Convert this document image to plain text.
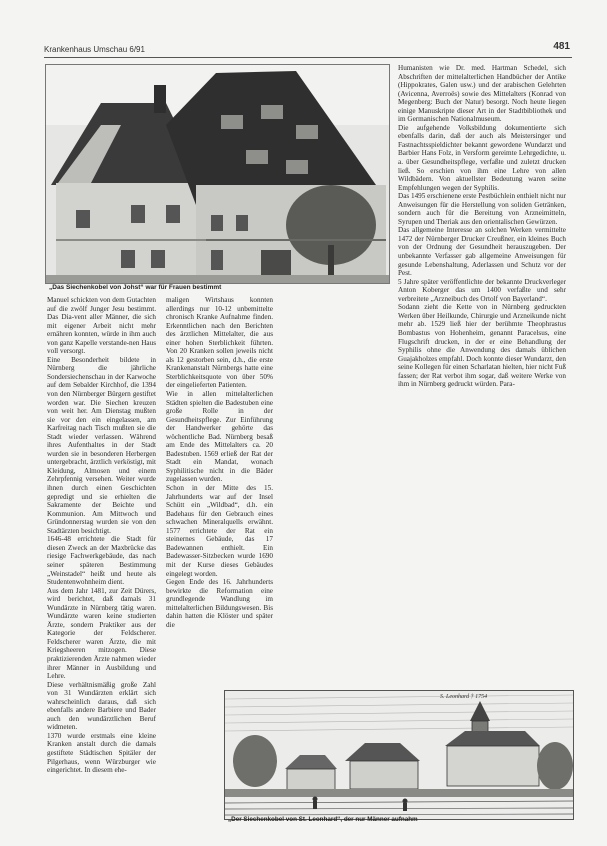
Krankenhaus Umschau 6/91	481
„Das Siechenkobel von Johst“ war für Frauen bestimmt

Manuel schickten von dem Gutachten auf die zwölf Junger Jesu bestimmt. Das Dia-vent aller Männer, die sich mit eigener Arbeit nicht mehr ernähren konnten, würde in ihm auch von ganz Kapelle verstande-nen Haus voll versorgt.

Eine Besonderheit bildete in Nürnberg die jährliche Sondersiechenschau in der Karwoche auf dem Sebalder Kirchhof, die 1394 von den Nürnberger Bürgern gestiftet worden war. Die Siechen kreuzen von weit her. Am Dienstag mußten sie vor den ein eingelassen, am Karfreitag nach Tisch mußten sie die Stadt wieder verlassen. Während ihres Aufenthaltes in der Stadt wurden sie in besonderen Herbergen untergebracht, ärztlich verköstigt, mit Kleidung, Almosen und einem Zehrpfennig versehen. Weiter wurde ihnen durch einen Geschichten gepredigt und sie erhielten die Sakramente der Beichte und Kommunion. Am Mittwoch und Gründonnerstag wurden sie von den Stadtärzten besichtigt.

1646-48 errichtete die Stadt für diesen Zweck an der Maxbrücke das riesige Fachwerkgebäude, das nach seiner späteren Bestimmung „Weinstadel“ heißt und heute als Studentenwohnheim dient.

Aus dem Jahr 1481, zur Zeit Dürers, wird berichtet, daß damals 31 Wundärzte in Nürnberg tätig waren. Wundärzte waren keine studierten Ärzte, sondern Praktiker aus der Kategorie der Feldscherer. Feldscherer waren Ärzte, die mit Kriegsheeren mitzogen. Diese praktizierenden Ärzte nahmen wieder ihrer Männer in Ausbildung und Lehre.

Diese verhältnismäßig große Zahl von 31 Wundärzten erklärt sich wahrscheinlich daraus, daß sich ebenfalls andere Barbiere und Bader auch den wundärztlichen Beruf widmeten.

1370 wurde erstmals eine kleine Kranken anstalt durch die damals gestiftete Städtischen Spitäler der Pilgerhaus, wenn Würzburger wie eingerichtet. In diesem ehe-

maligen Wirtshaus konnten allerdings nur 10-12 unbemittelte chronisch Kranke Aufnahme finden. Erkenntlichen nach den Berichten des ärztlichen Mittelalter, die aus einer hohen Sterblichkeit führten. Von 20 Kranken sollen jeweils nicht als 12 gestorben sein, d.h., die erste Krankenanstalt Nürnbergs hatte eine Sterblichkeitsquote von über 50% der eingelieferten Patienten.

Wie in allen mittelalterlichen Städten spielten die Badestuben eine große Rolle in der Gesundheitspflege. Zur Einführung der Handwerker gehörte das wöchentliche Bad. Nürnberg besaß am Ende des Mittelalters ca. 20 Badestuben. 1569 erließ der Rat der Stadt ein Mandat, wonach Syphilitische nicht in die Bäder zugelassen wurden.

Schon in der Mitte des 15. Jahrhunderts war auf der Insel Schütt ein „Wildbad“, d.h. ein Badehaus für den Gebrauch eines schwachen Mineralquells erwähnt. 1577 errichtete der Rat ein steinernes Gebäude, das 17 Badewannen enthielt. Ein Badewasser-Sitzbecken wurde 1690 mit der Kurse dieses Gebäudes eingelegt worden.

Gegen Ende des 16. Jahrhunderts bewirkte die Reformation eine grundlegende Wandlung im mittelalterlichen Bildungswesen. Bis dahin hatten die Klöster und später die

Humanisten wie Dr. med. Hartman Schedel, sich Abschriften der mittelalterlichen Handbücher der Antike (Hippokrates, Galen usw.) und der arabischen Gelehrten (Avicenna, Averroës) sowie des Mittelalters (Konrad von Megenberg: Buch der Natur) besorgt. Noch heute liegen einige Manuskripte dieser Art in der Stadtbibliothek und im Germanischen Nationalmuseum.

Die aufgehende Volksbildung dokumentierte sich ebenfalls darin, daß der auch als Meistersinger und Fastnachtsspieldichter bekannt gewordene Wundarzt und Barbier Hans Folz, in Versform gereimte Lehrgedichte, u. a. über Gesundheitspflege, verfaßte und zuletzt drucken ließ. So erschien von ihm eine Lehre von allen Wildbädern. Von aktuellster Bedeutung waren seine Empfehlungen wegen der Syphilis.

Das 1495 erschienene erste Pestbüchlein enthielt nicht nur Anweisungen für die Herstellung von soliden Getränken, sondern auch für die Bereitung von Arzneimitteln, Syrupen und Theriak aus den orientalischen Gewürzen.

Das allgemeine Interesse an solchen Werken vermittelte 1472 der Nürnberger Drucker Creußner, ein kleines Buch von der Ordnung der Gesundheit herauszugeben. Der unbekannte Verfasser gab allgemeine Anweisungen für gesunde Lebenshaltung, Aderlassen und Schutz vor der Pest.

5 Jahre später veröffentlichte der bekannte Druckverleger Anton Koberger das um 1400 verfaßte und sehr verbreitete „Arzneibuch des Ortolf von Bayerland“.

Sodann zieht die Kette von in Nürnberg gedruckten Werken über Heilkunde, Chirurgie und Arzneikunde nicht mehr ab. 1529 ließ hier der berühmte Theophrastus Bombastus von Hohenheim, genannt Paracelsus, eine Flugschrift drucken, in der er eine Behandlung der Syphilis ohne die Anwendung des damals üblichen Guajakholzes empfahl. Doch konnte dieser Wundarzt, den seine Kollegen für einen Scharlatan hielten, hier nicht Fuß fassen; der Rat verbot ihm sogar, daß weitere Werke von ihm in Nürnberg gedruckt würden. Para-

S. Leonhard † 1754
„Der Siechenkobel von St. Leonhard“, der nur Männer aufnahm
